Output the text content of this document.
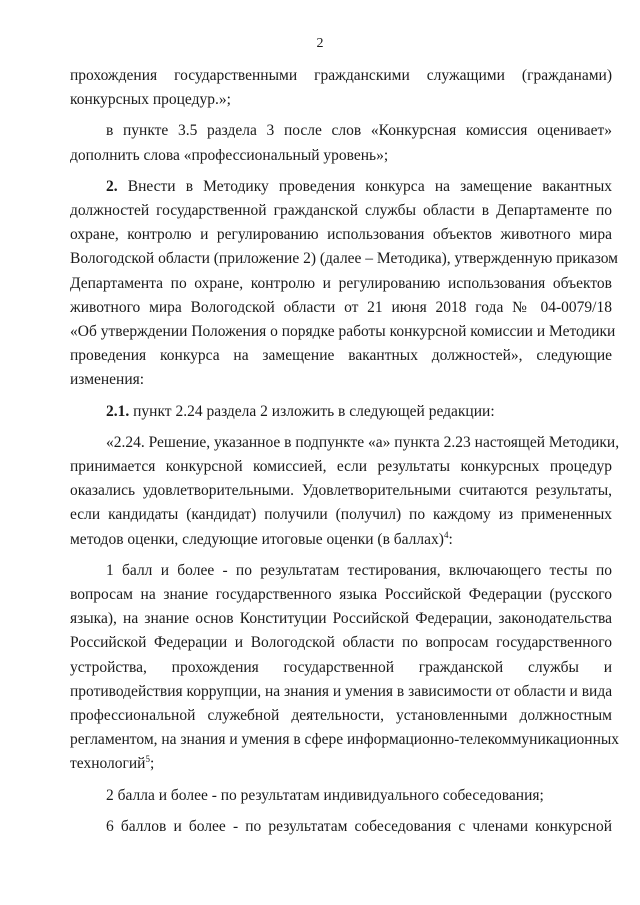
2
прохождения государственными гражданскими служащими (гражданами)
конкурсных процедур.»;
в пункте 3.5 раздела 3 после слов «Конкурсная комиссия оценивает»
дополнить слова «профессиональный уровень»;
2. Внести в Методику проведения конкурса на замещение вакантных
должностей государственной гражданской службы области в Департаменте по
охране, контролю и регулированию использования объектов животного мира
Вологодской области (приложение 2) (далее – Методика), утвержденную приказом
Департамента по охране, контролю и регулированию использования объектов
животного мира Вологодской области от 21 июня 2018 года № 04-0079/18
«Об утверждении Положения о порядке работы конкурсной комиссии и Методики
проведения конкурса на замещение вакантных должностей», следующие
изменения:
2.1. пункт 2.24 раздела 2 изложить в следующей редакции:
«2.24. Решение, указанное в подпункте «а» пункта 2.23 настоящей Методики,
принимается конкурсной комиссией, если результаты конкурсных процедур
оказались удовлетворительными. Удовлетворительными считаются результаты,
если кандидаты (кандидат) получили (получил) по каждому из примененных
методов оценки, следующие итоговые оценки (в баллах)$^4$:
1 балл и более - по результатам тестирования, включающего тесты по
вопросам на знание государственного языка Российской Федерации (русского
языка), на знание основ Конституции Российской Федерации, законодательства
Российской Федерации и Вологодской области по вопросам государственного
устройства, прохождения государственной гражданской службы и
противодействия коррупции, на знания и умения в зависимости от области и вида
профессиональной служебной деятельности, установленными должностным
регламентом, на знания и умения в сфере информационно-телекоммуникационных
технологий$^5$;
2 балла и более - по результатам индивидуального собеседования;
6 баллов и более - по результатам собеседования с членами конкурсной
